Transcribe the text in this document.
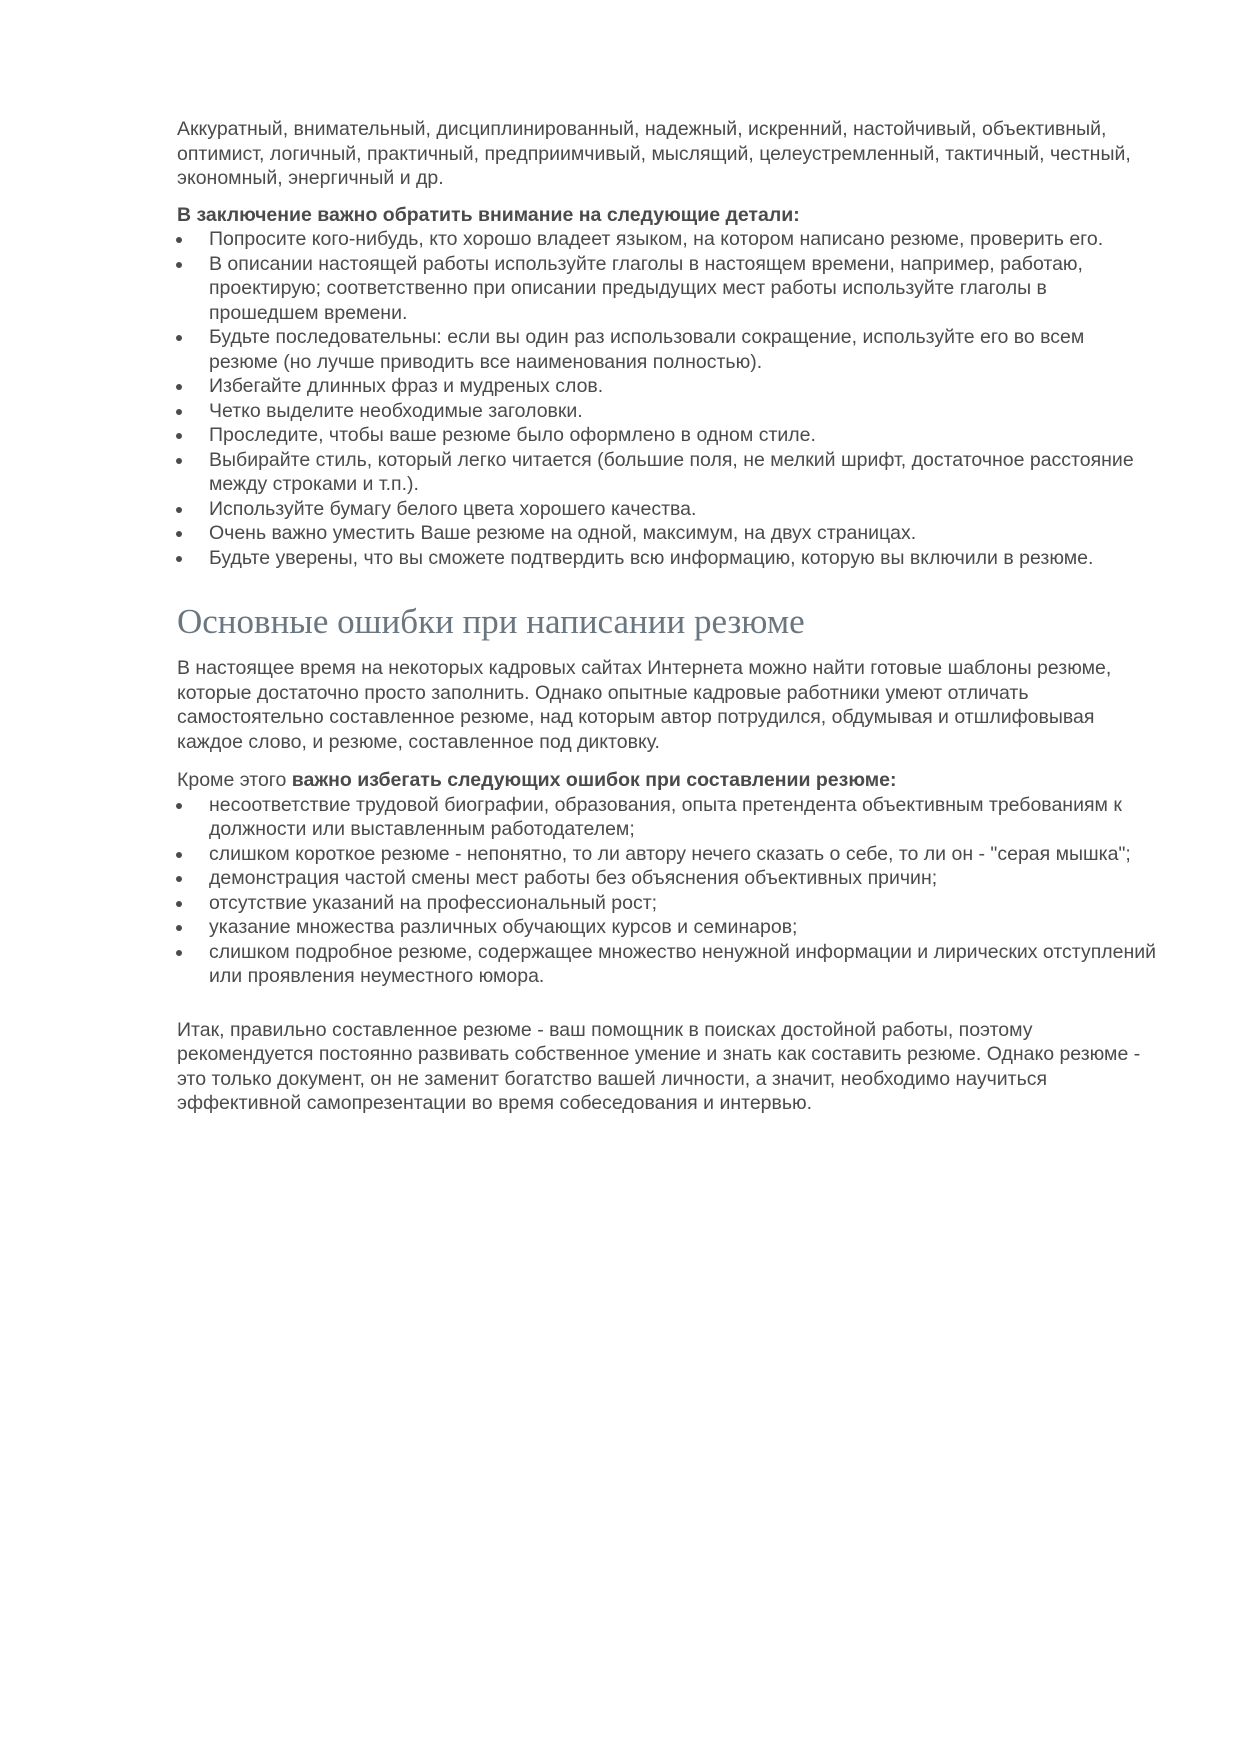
Аккуратный, внимательный, дисциплинированный, надежный, искренний, настойчивый, объективный, оптимист, логичный, практичный, предприимчивый, мыслящий, целеустремленный, тактичный, честный, экономный, энергичный и др.

В заключение важно обратить внимание на следующие детали:

Попросите кого-нибудь, кто хорошо владеет языком, на котором написано резюме, проверить его.
В описании настоящей работы используйте глаголы в настоящем времени, например, работаю, проектирую; соответственно при описании предыдущих мест работы используйте глаголы в прошедшем времени.
Будьте последовательны: если вы один раз использовали сокращение, используйте его во всем резюме (но лучше приводить все наименования полностью).
Избегайте длинных фраз и мудреных слов.
Четко выделите необходимые заголовки.
Проследите, чтобы ваше резюме было оформлено в одном стиле.
Выбирайте стиль, который легко читается (большие поля, не мелкий шрифт, достаточное расстояние между строками и т.п.).
Используйте бумагу белого цвета хорошего качества.
Очень важно уместить Ваше резюме на одной, максимум, на двух страницах.
Будьте уверены, что вы сможете подтвердить всю информацию, которую вы включили в резюме.
Основные ошибки при написании резюме

В настоящее время на некоторых кадровых сайтах Интернета можно найти готовые шаблоны резюме, которые достаточно просто заполнить. Однако опытные кадровые работники умеют отличать самостоятельно составленное резюме, над которым автор потрудился, обдумывая и отшлифовывая каждое слово, и резюме, составленное под диктовку.

Кроме этого важно избегать следующих ошибок при составлении резюме:

несоответствие трудовой биографии, образования, опыта претендента объективным требованиям к должности или выставленным работодателем;
слишком короткое резюме - непонятно, то ли автору нечего сказать о себе, то ли он - "серая мышка";
демонстрация частой смены мест работы без объяснения объективных причин;
отсутствие указаний на профессиональный рост;
указание множества различных обучающих курсов и семинаров;
слишком подробное резюме, содержащее множество ненужной информации и лирических отступлений или проявления неуместного юмора.

Итак, правильно составленное резюме - ваш помощник в поисках достойной работы, поэтому рекомендуется постоянно развивать собственное умение и знать как составить резюме. Однако резюме - это только документ, он не заменит богатство вашей личности, а значит, необходимо научиться эффективной самопрезентации во время собеседования и интервью.
